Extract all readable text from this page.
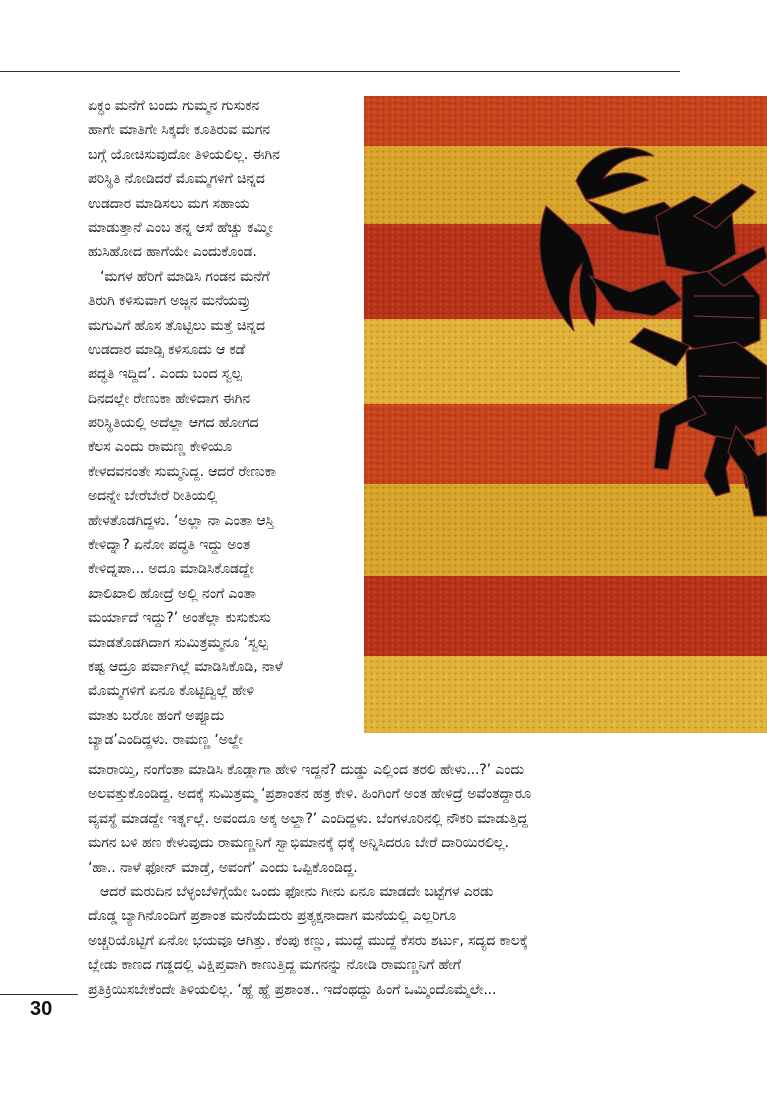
ಏಕ್ಧಂ ಮನೆಗೆ ಬಂದು ಗುಮ್ಮನ ಗುಸುಕನ
ಹಾಗೇ ಮಾತಿಗೇ ಸಿಕ್ಕದೇ ಕೂತಿರುವ ಮಗನ
ಬಗ್ಗೆ ಯೋಚಿಸುವುದೋ ತಿಳಿಯಲಿಲ್ಲ. ಈಗಿನ
ಪರಿಸ್ಥಿತಿ ನೋಡಿದರೆ ಮೊಮ್ಮಗಳಿಗೆ ಚಿನ್ನದ
ಉಡದಾರ ಮಾಡಿಸಲು ಮಗ ಸಹಾಯ
ಮಾಡುತ್ತಾನೆ ಎಂಬ ತನ್ನ ಆಸೆ ಹೆಚ್ಚು ಕಮ್ಮೀ
ಹುಸಿಹೋದ ಹಾಗೆಯೇ ಎಂದುಕೊಂಡ.
‘ಮಗಳ ಹೆರಿಗೆ ಮಾಡಿಸಿ ಗಂಡನ ಮನೆಗೆ
ತಿರುಗಿ ಕಳಿಸುವಾಗ ಅಜ್ಜನ ಮನೆಯವ್ರು
ಮಗುವಿಗೆ ಹೊಸ ತೊಟ್ಟಿಲು ಮತ್ತೆ ಚಿನ್ನದ
ಉಡದಾರ ಮಾಡ್ಸಿ ಕಳಿಸೂದು ಆ ಕಡೆ
ಪದ್ಧತಿ ಇದ್ದಿದ’. ಎಂದು ಬಂದ ಸ್ವಲ್ಪ
ದಿನದಲ್ಲೇ ರೇಣುಕಾ ಹೇಳಿದಾಗ ಈಗಿನ
ಪರಿಸ್ಥಿತಿಯಲ್ಲಿ ಅದೆಲ್ಲಾ ಆಗದ ಹೋಗದ
ಕೆಲಸ ಎಂದು ರಾಮಣ್ಣ ಕೇಳಿಯೂ
ಕೇಳದವನಂತೇ ಸುಮ್ಮನಿದ್ದ. ಆದರೆ ರೇಣುಕಾ
ಅದನ್ನೇ ಬೇರೆಬೇರೆ ರೀತಿಯಲ್ಲಿ
ಹೇಳತೊಡಗಿದ್ದಳು. ‘ಅಲ್ಲಾ ನಾ ಎಂತಾ ಆಸ್ತಿ
ಕೇಳಿದ್ನಾ? ಏನೋ ಪದ್ಧತಿ ಇದ್ದು ಅಂತ
ಕೇಳಿದ್ನಪಾ... ಅದೂ ಮಾಡಿಸಿಕೊಡದ್ದೇ
ಖಾಲಿಖಾಲಿ ಹೋದ್ರೆ ಅಲ್ಲಿ ನಂಗೆ ಎಂತಾ
ಮರ್ಯಾದೆ ಇದ್ದು?’ ಅಂತೆಲ್ಲಾ ಕುಸುಕುಸು
ಮಾಡತೊಡಗಿದಾಗ ಸುಮಿತ್ರಮ್ಮನೂ ‘ಸ್ವಲ್ಪ
ಕಷ್ಟ ಆದ್ರೂ ಪರ್ವಾಗಿಲ್ಲೆ ಮಾಡಿಸಿಕೊಡಿ, ನಾಳೆ
ಮೊಮ್ಮಗಳಿಗೆ ಏನೂ ಕೊಟ್ಟಿದ್ವಿಲ್ಲೆ ಹೇಳಿ
ಮಾತು ಬರೋ ಹಂಗೆ ಅಪ್ಪೂದು
ಬ್ಯಾಡ’ಎಂದಿದ್ದಳು. ರಾಮಣ್ಣ ‘ಅಲ್ದೇ
ಮಾರಾಯ್ತಿ, ನಂಗೆಂತಾ ಮಾಡಿಸಿ ಕೊಡ್ಲಾಗಾ ಹೇಳಿ ಇದ್ದನೆ? ದುಡ್ಡು ಎಲ್ಲಿಂದ ತರಲಿ ಹೇಳು...?’ ಎಂದು
ಅಲವತ್ತುಕೊಂಡಿದ್ದ. ಅದಕ್ಕೆ ಸುಮಿತ್ರಮ್ಮ ‘ಪ್ರಶಾಂತನ ಹತ್ರ ಕೇಳಿ. ಹಿಂಗಿಂಗೆ ಅಂತ ಹೇಳಿದ್ರೆ ಅವೆಂತದ್ದಾರೂ
ವ್ಯವಸ್ಥೆ ಮಾಡದ್ದೇ ಇರ್ತ್ನಲ್ಲೆ. ಅವಂದೂ ಅಕ್ಕ ಅಲ್ದಾ?’ ಎಂದಿದ್ದಳು. ಬೆಂಗಳೂರಿನಲ್ಲಿ ನೌಕರಿ ಮಾಡುತ್ತಿದ್ದ
ಮಗನ ಬಳಿ ಹಣ ಕೇಳುವುದು ರಾಮಣ್ಣನಿಗೆ ಸ್ವಾಭಿಮಾನಕ್ಕೆ ಧಕ್ಕೆ ಅನ್ನಿಸಿದರೂ ಬೇರೆ ದಾರಿಯಿರಲಿಲ್ಲ.
‘ಹಾ.. ನಾಳೆ ಫೋನ್ ಮಾಡ್ತೆ, ಅವಂಗೆ’ ಎಂದು ಒಪ್ಪಿಕೊಂಡಿದ್ದ.
ಆದರೆ ಮರುದಿನ ಬೆಳ್ಳಂಬೆಳಿಗ್ಗೆಯೇ ಒಂದು ಫೋನು ಗೀನು ಏನೂ ಮಾಡದೇ ಬಟ್ಟೆಗಳ ಎರಡು
ದೊಡ್ಡ ಬ್ಯಾಗಿನೊಂದಿಗೆ ಪ್ರಶಾಂತ ಮನೆಯೆದುರು ಪ್ರತ್ಯಕ್ಷನಾದಾಗ ಮನೆಯಲ್ಲಿ ಎಲ್ಲರಿಗೂ
ಅಚ್ಚರಿಯೊಟ್ಟಿಗೆ ಏನೋ ಭಯವೂ ಆಗಿತ್ತು. ಕೆಂಪು ಕಣ್ಣು, ಮುದ್ದೆ ಮುದ್ದೆ ಕೆಸರು ಶರ್ಟು, ಸದ್ಯದ ಕಾಲಕ್ಕೆ
ಬ್ಲೇಡು ಕಾಣದ ಗಡ್ಡದಲ್ಲಿ ವಿಕ್ಷಿಪ್ತವಾಗಿ ಕಾಣುತ್ತಿದ್ದ ಮಗನನ್ನು ನೋಡಿ ರಾಮಣ್ಣನಿಗೆ ಹೇಗೆ
ಪ್ರತಿಕ್ರಿಯಿಸಬೇಕೆಂದೇ ತಿಳಿಯಲಿಲ್ಲ. ‘ಹ್ಹೆ ಹ್ಹೆ ಪ್ರಶಾಂತ.. ಇದೆಂಥದ್ದು ಹಿಂಗೆ ಒಮ್ಮಿಂದೊಮ್ಮೆಲೇ...
30
